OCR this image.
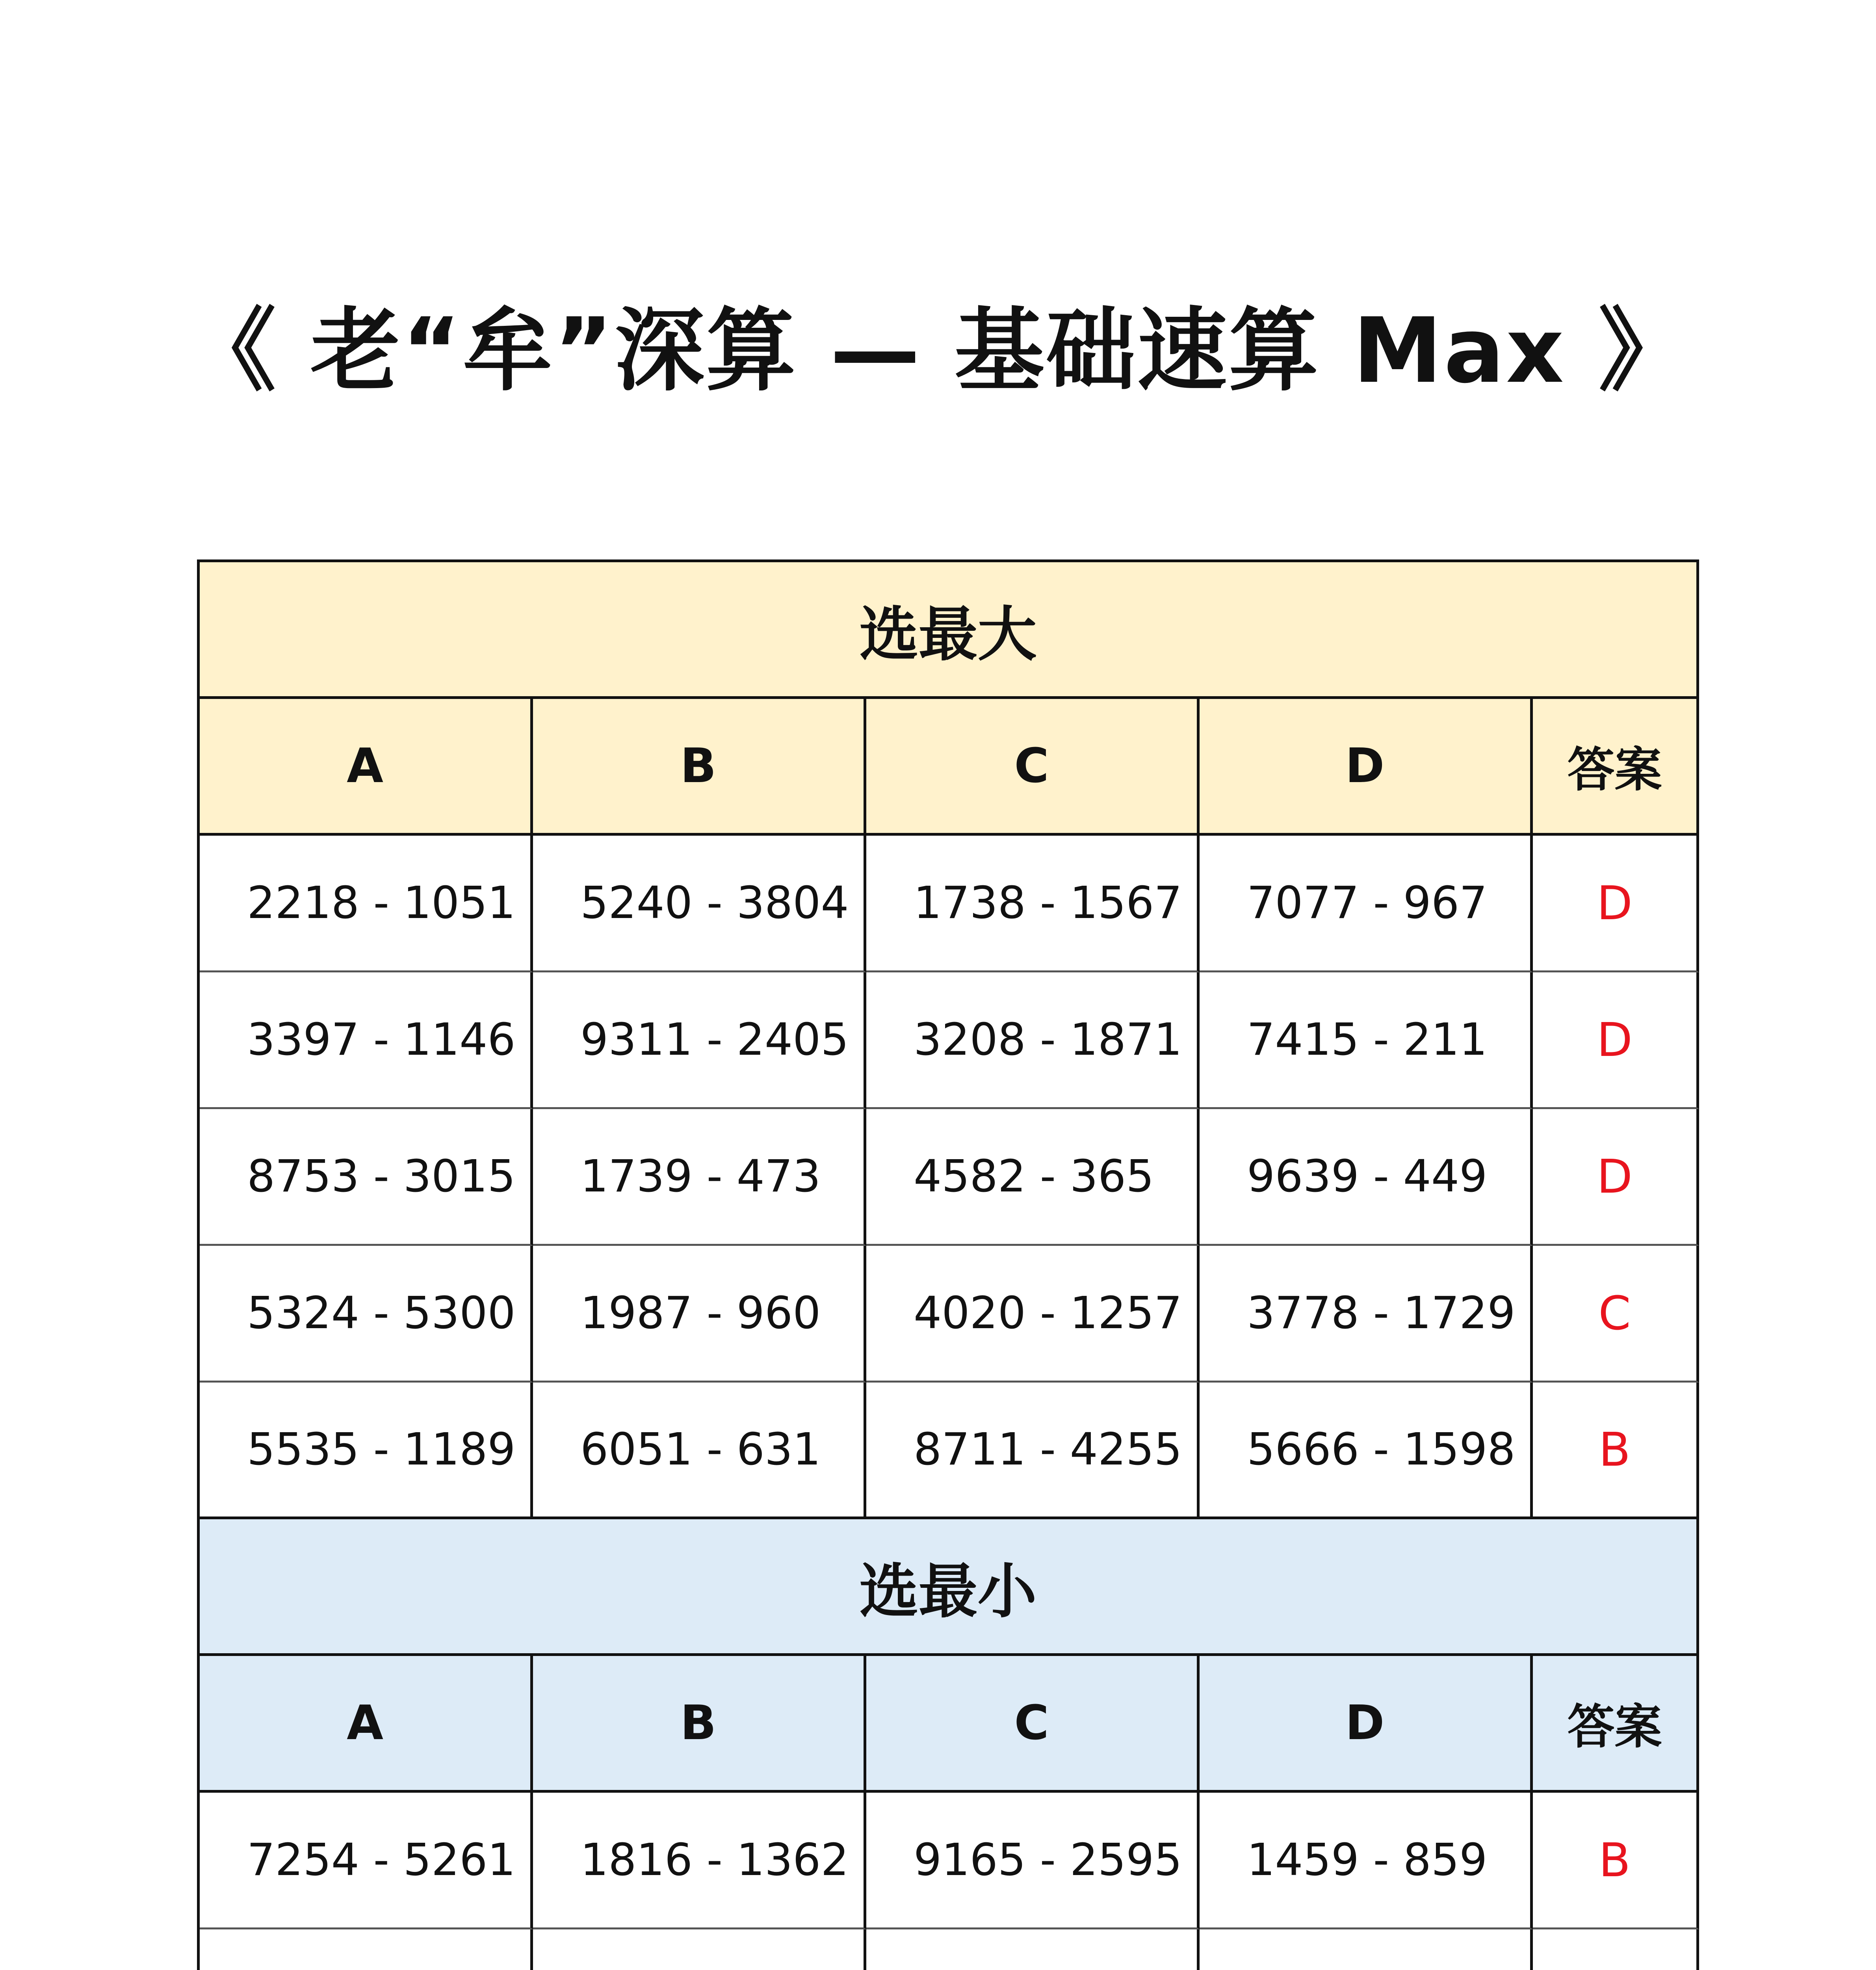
《 老“牟”深算 — 基础速算 Max 》
选最大
A	B	C	D	答案
2218 - 1051	5240 - 3804	1738 - 1567	7077 - 967	D
3397 - 1146	9311 - 2405	3208 - 1871	7415 - 211	D
8753 - 3015	1739 - 473	4582 - 365	9639 - 449	D
5324 - 5300	1987 - 960	4020 - 1257	3778 - 1729	C
5535 - 1189	6051 - 631	8711 - 4255	5666 - 1598	B
选最小
A	B	C	D	答案
7254 - 5261	1816 - 1362	9165 - 2595	1459 - 859	B
